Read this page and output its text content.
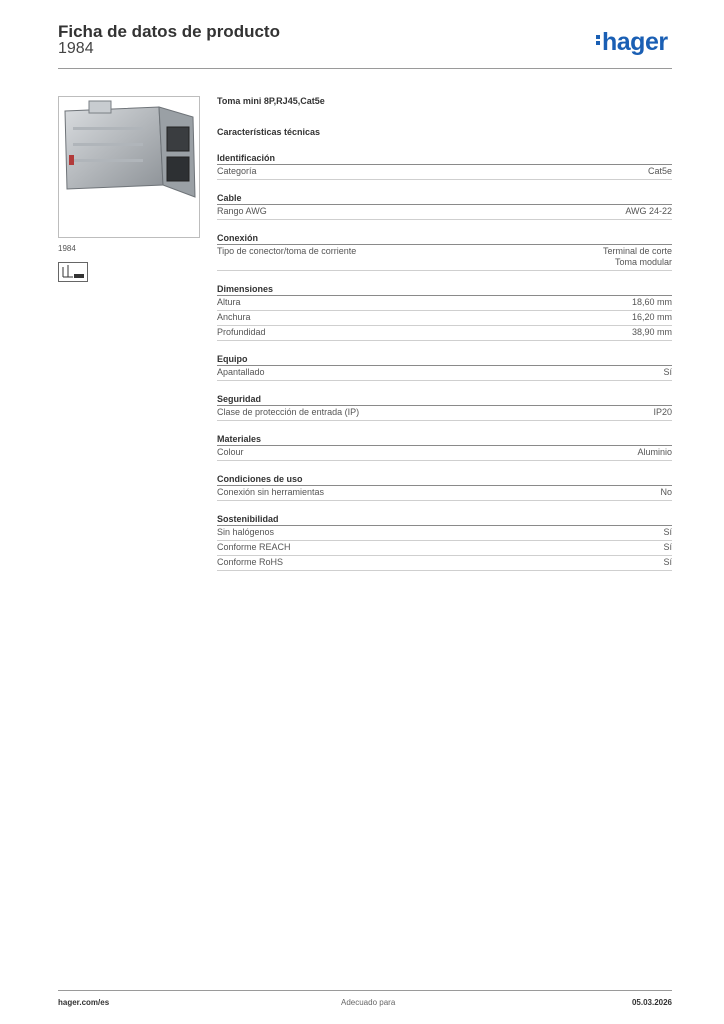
Ficha de datos de producto
1984	hager
1984
Toma mini 8P,RJ45,Cat5e
Características técnicas
Identificación
Categoría	Cat5e
Cable
Rango AWG	AWG 24-22
Conexión
Tipo de conector/toma de corriente	Terminal de corte
Toma modular
Dimensiones
Altura	18,60 mm
Anchura	16,20 mm
Profundidad	38,90 mm
Equipo
Apantallado	Sí
Seguridad
Clase de protección de entrada (IP)	IP20
Materiales
Colour	Aluminio
Condiciones de uso
Conexión sin herramientas	No
Sostenibilidad
Sin halógenos	Sí
Conforme REACH	Sí
Conforme RoHS	Sí
hager.com/es	Adecuado para	05.03.2026
